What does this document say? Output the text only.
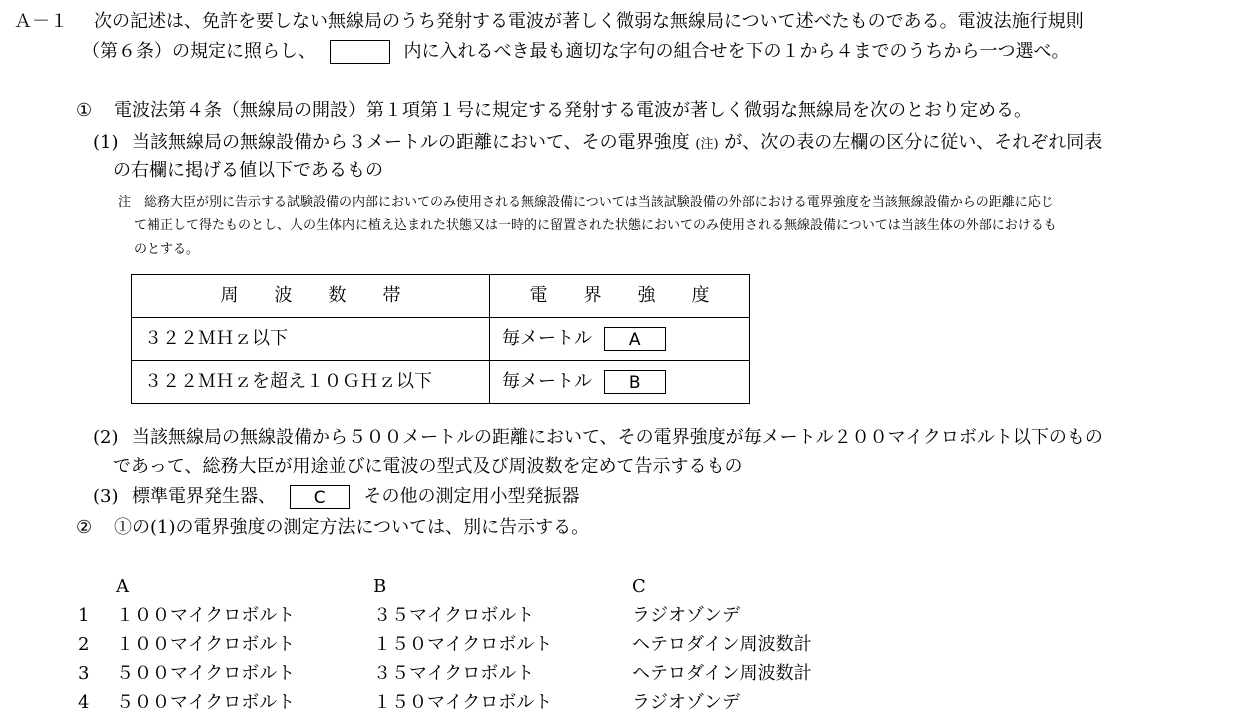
Ａ－１ 次の記述は、免許を要しない無線局のうち発射する電波が著しく微弱な無線局について述べたものである。電波法施行規則
（第６条）の規定に照らし、	内に入れるべき最も適切な字句の組合せを下の１から４までのうちから一つ選べ。
① 電波法第４条（無線局の開設）第１項第１号に規定する発射する電波が著しく微弱な無線局を次のとおり定める。
(1) 当該無線局の無線設備から３メートルの距離において、その電界強度 (注) が、次の表の左欄の区分に従い、それぞれ同表
の右欄に掲げる値以下であるもの
注　総務大臣が別に告示する試験設備の内部においてのみ使用される無線設備については当該試験設備の外部における電界強度を当該無線設備からの距離に応じ
て補正して得たものとし、人の生体内に植え込まれた状態又は一時的に留置された状態においてのみ使用される無線設備については当該生体の外部におけるも
のとする。
周　　波　　数　　帯	電　　界　　強　　度
３２２ＭＨｚ以下	毎メートル A
３２２ＭＨｚを超え１０ＧＨｚ以下	毎メートル B
(2) 当該無線局の無線設備から５００メートルの距離において、その電界強度が毎メートル２００マイクロボルト以下のもの
であって、総務大臣が用途並びに電波の型式及び周波数を定めて告示するもの
(3) 標準電界発生器、 C その他の測定用小型発振器
② ①の(1)の電界強度の測定方法については、別に告示する。
A	B	C
1 １００マイクロボルト	３５マイクロボルト	ラジオゾンデ
2 １００マイクロボルト	１５０マイクロボルト	ヘテロダイン周波数計
3 ５００マイクロボルト	３５マイクロボルト	ヘテロダイン周波数計
4 ５００マイクロボルト	１５０マイクロボルト	ラジオゾンデ
